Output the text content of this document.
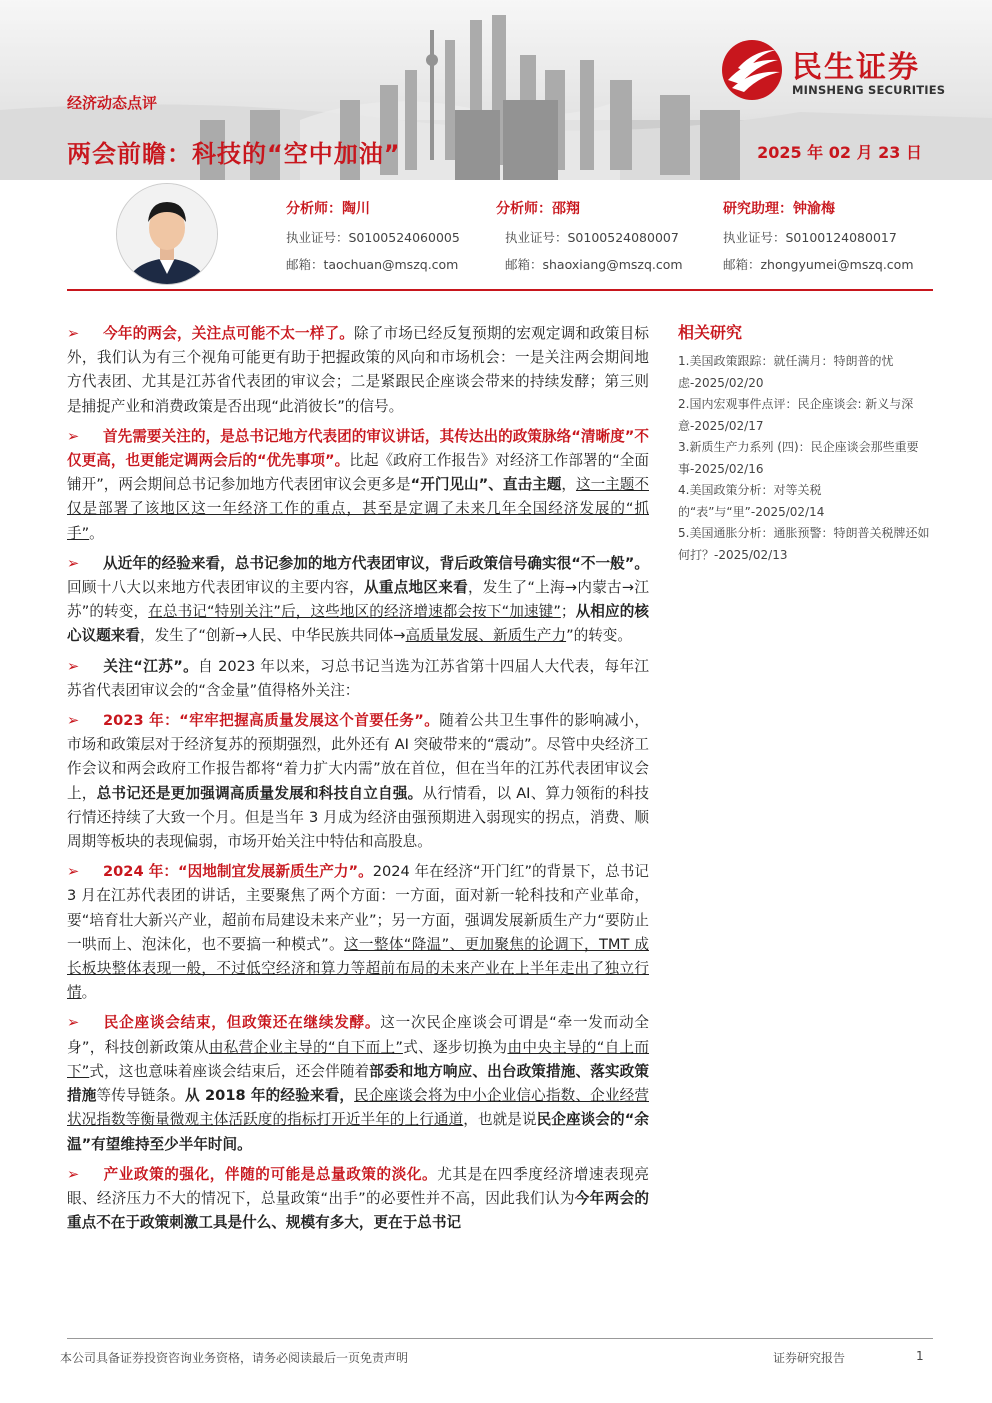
经济动态点评
两会前瞻：科技的“空中加油”	2025 年 02 月 23 日
民生证券
MINSHENG SECURITIES
分析师：陶川
执业证号：S0100524060005
邮箱：taochuan@mszq.com
分析师：邵翔
执业证号：S0100524080007
邮箱：shaoxiang@mszq.com
研究助理：钟渝梅
执业证号：S0100124080017
邮箱：zhongyumei@mszq.com
➢ 今年的两会，关注点可能不太一样了。除了市场已经反复预期的宏观定调和政策目标外，我们认为有三个视角可能更有助于把握政策的风向和市场机会：一是关注两会期间地方代表团、尤其是江苏省代表团的审议会；二是紧跟民企座谈会带来的持续发酵；第三则是捕捉产业和消费政策是否出现“此消彼长”的信号。
➢ 首先需要关注的，是总书记地方代表团的审议讲话，其传达出的政策脉络“清晰度”不仅更高，也更能定调两会后的“优先事项”。比起《政府工作报告》对经济工作部署的“全面铺开”，两会期间总书记参加地方代表团审议会更多是“开门见山”、直击主题，这一主题不仅是部署了该地区这一年经济工作的重点，甚至是定调了未来几年全国经济发展的“抓手”。
➢ 从近年的经验来看，总书记参加的地方代表团审议，背后政策信号确实很“不一般”。回顾十八大以来地方代表团审议的主要内容，从重点地区来看，发生了“上海→内蒙古→江苏”的转变，在总书记“特别关注”后，这些地区的经济增速都会按下“加速键”；从相应的核心议题来看，发生了“创新→人民、中华民族共同体→高质量发展、新质生产力”的转变。
➢ 关注“江苏”。自 2023 年以来，习总书记当选为江苏省第十四届人大代表，每年江苏省代表团审议会的“含金量”值得格外关注：
➢ 2023 年：“牢牢把握高质量发展这个首要任务”。随着公共卫生事件的影响减小，市场和政策层对于经济复苏的预期强烈，此外还有 AI 突破带来的“震动”。尽管中央经济工作会议和两会政府工作报告都将“着力扩大内需”放在首位，但在当年的江苏代表团审议会上，总书记还是更加强调高质量发展和科技自立自强。从行情看，以 AI、算力领衔的科技行情还持续了大致一个月。但是当年 3 月成为经济由强预期进入弱现实的拐点，消费、顺周期等板块的表现偏弱，市场开始关注中特估和高股息。
➢ 2024 年：“因地制宜发展新质生产力”。2024 年在经济“开门红”的背景下，总书记 3 月在江苏代表团的讲话，主要聚焦了两个方面：一方面，面对新一轮科技和产业革命，要“培育壮大新兴产业，超前布局建设未来产业”；另一方面，强调发展新质生产力“要防止一哄而上、泡沫化，也不要搞一种模式”。这一整体“降温”、更加聚焦的论调下，TMT 成长板块整体表现一般，不过低空经济和算力等超前布局的未来产业在上半年走出了独立行情。
➢ 民企座谈会结束，但政策还在继续发酵。这一次民企座谈会可谓是“牵一发而动全身”，科技创新政策从由私营企业主导的“自下而上”式、逐步切换为由中央主导的“自上而下”式，这也意味着座谈会结束后，还会伴随着部委和地方响应、出台政策措施、落实政策措施等传导链条。从 2018 年的经验来看，民企座谈会将为中小企业信心指数、企业经营状况指数等衡量微观主体活跃度的指标打开近半年的上行通道，也就是说民企座谈会的“余温”有望维持至少半年时间。
➢ 产业政策的强化，伴随的可能是总量政策的淡化。尤其是在四季度经济增速表现亮眼、经济压力不大的情况下，总量政策“出手”的必要性并不高，因此我们认为今年两会的重点不在于政策刺激工具是什么、规模有多大，更在于总书记
相关研究
1.美国政策跟踪：就任满月：特朗普的忧虑-2025/02/20
2.国内宏观事件点评：民企座谈会: 新义与深意-2025/02/17
3.新质生产力系列 (四)：民企座谈会那些重要事-2025/02/16
4.美国政策分析：对等关税的“表”与“里”-2025/02/14
5.美国通胀分析：通胀预警：特朗普关税牌还如何打？-2025/02/13
本公司具备证券投资咨询业务资格，请务必阅读最后一页免责声明	证券研究报告	1
